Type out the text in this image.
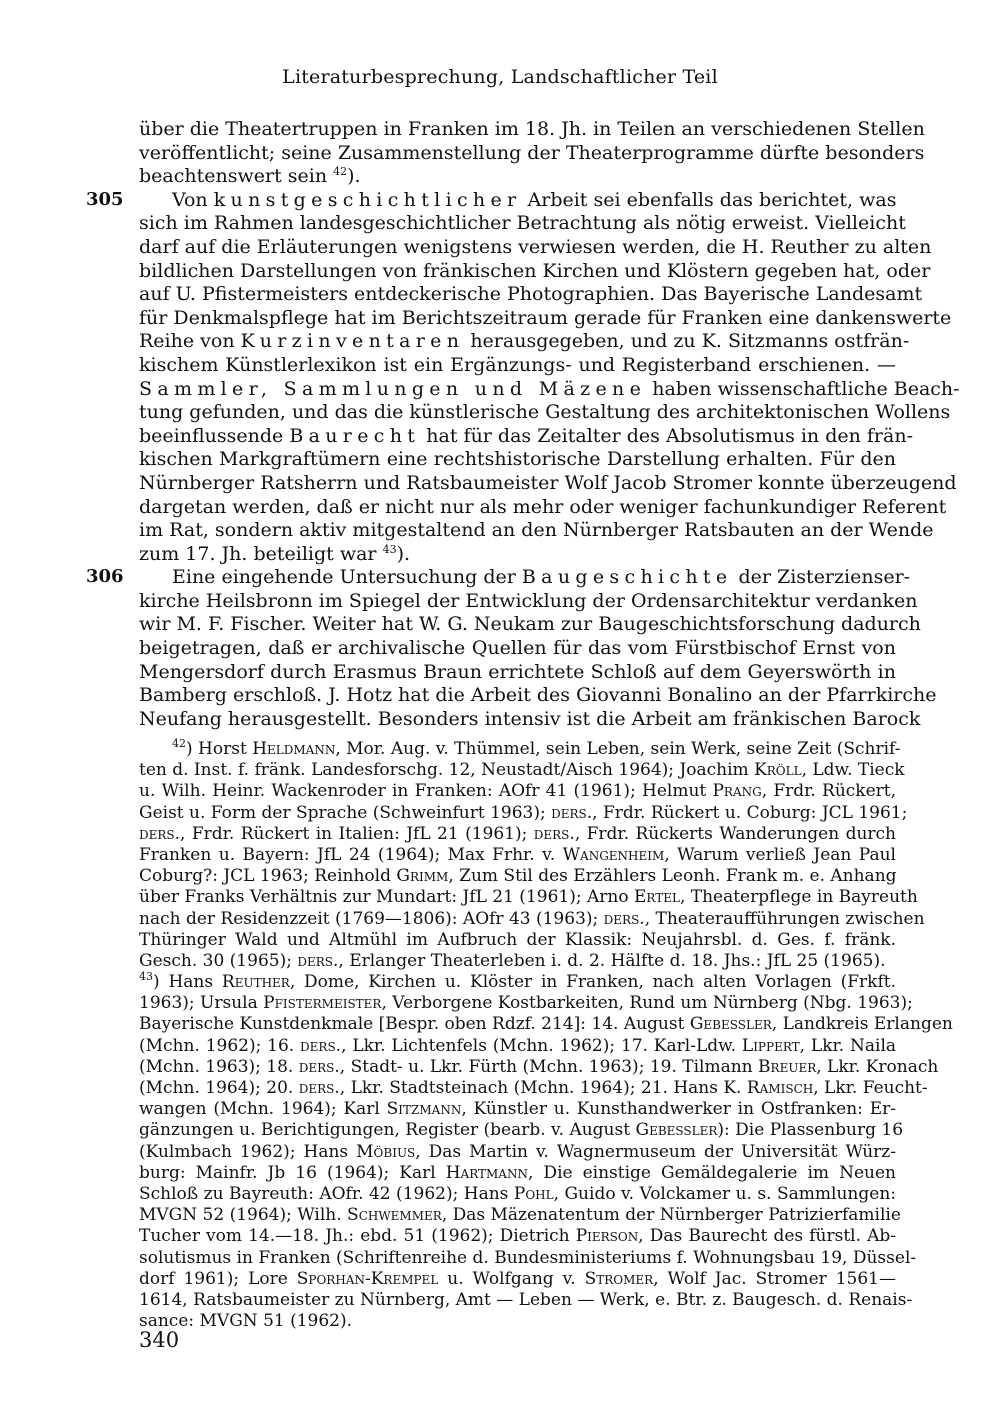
Literaturbesprechung, Landschaftlicher Teil
über die Theatertruppen in Franken im 18. Jh. in Teilen an verschiedenen Stellen
veröffentlicht; seine Zusammenstellung der Theaterprogramme dürfte besonders
beachtenswert sein $^{42}$).
305	Von kunstgeschichtlicher Arbeit sei ebenfalls das berichtet, was
sich im Rahmen landesgeschichtlicher Betrachtung als nötig erweist. Vielleicht
darf auf die Erläuterungen wenigstens verwiesen werden, die H. Reuther zu alten
bildlichen Darstellungen von fränkischen Kirchen und Klöstern gegeben hat, oder
auf U. Pfistermeisters entdeckerische Photographien. Das Bayerische Landesamt
für Denkmalspflege hat im Berichtszeitraum gerade für Franken eine dankenswerte
Reihe von Kurzinventaren herausgegeben, und zu K. Sitzmanns ostfrän-
kischem Künstlerlexikon ist ein Ergänzungs- und Registerband erschienen. —
Sammler, Sammlungen und Mäzene haben wissenschaftliche Beach-
tung gefunden, und das die künstlerische Gestaltung des architektonischen Wollens
beeinflussende Baurecht hat für das Zeitalter des Absolutismus in den frän-
kischen Markgraftümern eine rechtshistorische Darstellung erhalten. Für den
Nürnberger Ratsherrn und Ratsbaumeister Wolf Jacob Stromer konnte überzeugend
dargetan werden, daß er nicht nur als mehr oder weniger fachunkundiger Referent
im Rat, sondern aktiv mitgestaltend an den Nürnberger Ratsbauten an der Wende
zum 17. Jh. beteiligt war $^{43}$).
306	Eine eingehende Untersuchung der Baugeschichte der Zisterzienser-
kirche Heilsbronn im Spiegel der Entwicklung der Ordensarchitektur verdanken
wir M. F. Fischer. Weiter hat W. G. Neukam zur Baugeschichtsforschung dadurch
beigetragen, daß er archivalische Quellen für das vom Fürstbischof Ernst von
Mengersdorf durch Erasmus Braun errichtete Schloß auf dem Geyerswörth in
Bamberg erschloß. J. Hotz hat die Arbeit des Giovanni Bonalino an der Pfarrkirche
Neufang herausgestellt. Besonders intensiv ist die Arbeit am fränkischen Barock
$^{42}$) Horst Heldmann, Mor. Aug. v. Thümmel, sein Leben, sein Werk, seine Zeit (Schrif-
ten d. Inst. f. fränk. Landesforschg. 12, Neustadt/Aisch 1964); Joachim Kröll, Ldw. Tieck
u. Wilh. Heinr. Wackenroder in Franken: AOfr 41 (1961); Helmut Prang, Frdr. Rückert,
Geist u. Form der Sprache (Schweinfurt 1963); ders., Frdr. Rückert u. Coburg: JCL 1961;
ders., Frdr. Rückert in Italien: JfL 21 (1961); ders., Frdr. Rückerts Wanderungen durch
Franken u. Bayern: JfL 24 (1964); Max Frhr. v. Wangenheim, Warum verließ Jean Paul
Coburg?: JCL 1963; Reinhold Grimm, Zum Stil des Erzählers Leonh. Frank m. e. Anhang
über Franks Verhältnis zur Mundart: JfL 21 (1961); Arno Ertel, Theaterpflege in Bayreuth
nach der Residenzzeit (1769—1806): AOfr 43 (1963); ders., Theateraufführungen zwischen
Thüringer Wald und Altmühl im Aufbruch der Klassik: Neujahrsbl. d. Ges. f. fränk.
Gesch. 30 (1965); ders., Erlanger Theaterleben i. d. 2. Hälfte d. 18. Jhs.: JfL 25 (1965).
$^{43}$) Hans Reuther, Dome, Kirchen u. Klöster in Franken, nach alten Vorlagen (Frkft.
1963); Ursula Pfistermeister, Verborgene Kostbarkeiten, Rund um Nürnberg (Nbg. 1963);
Bayerische Kunstdenkmale [Bespr. oben Rdzf. 214]: 14. August Gebessler, Landkreis Erlangen
(Mchn. 1962); 16. ders., Lkr. Lichtenfels (Mchn. 1962); 17. Karl-Ldw. Lippert, Lkr. Naila
(Mchn. 1963); 18. ders., Stadt- u. Lkr. Fürth (Mchn. 1963); 19. Tilmann Breuer, Lkr. Kronach
(Mchn. 1964); 20. ders., Lkr. Stadtsteinach (Mchn. 1964); 21. Hans K. Ramisch, Lkr. Feucht-
wangen (Mchn. 1964); Karl Sitzmann, Künstler u. Kunsthandwerker in Ostfranken: Er-
gänzungen u. Berichtigungen, Register (bearb. v. August Gebessler): Die Plassenburg 16
(Kulmbach 1962); Hans Möbius, Das Martin v. Wagnermuseum der Universität Würz-
burg: Mainfr. Jb 16 (1964); Karl Hartmann, Die einstige Gemäldegalerie im Neuen
Schloß zu Bayreuth: AOfr. 42 (1962); Hans Pohl, Guido v. Volckamer u. s. Sammlungen:
MVGN 52 (1964); Wilh. Schwemmer, Das Mäzenatentum der Nürnberger Patrizierfamilie
Tucher vom 14.—18. Jh.: ebd. 51 (1962); Dietrich Pierson, Das Baurecht des fürstl. Ab-
solutismus in Franken (Schriftenreihe d. Bundesministeriums f. Wohnungsbau 19, Düssel-
dorf 1961); Lore Sporhan-Krempel u. Wolfgang v. Stromer, Wolf Jac. Stromer 1561—
1614, Ratsbaumeister zu Nürnberg, Amt — Leben — Werk, e. Btr. z. Baugesch. d. Renais-
sance: MVGN 51 (1962).
340
